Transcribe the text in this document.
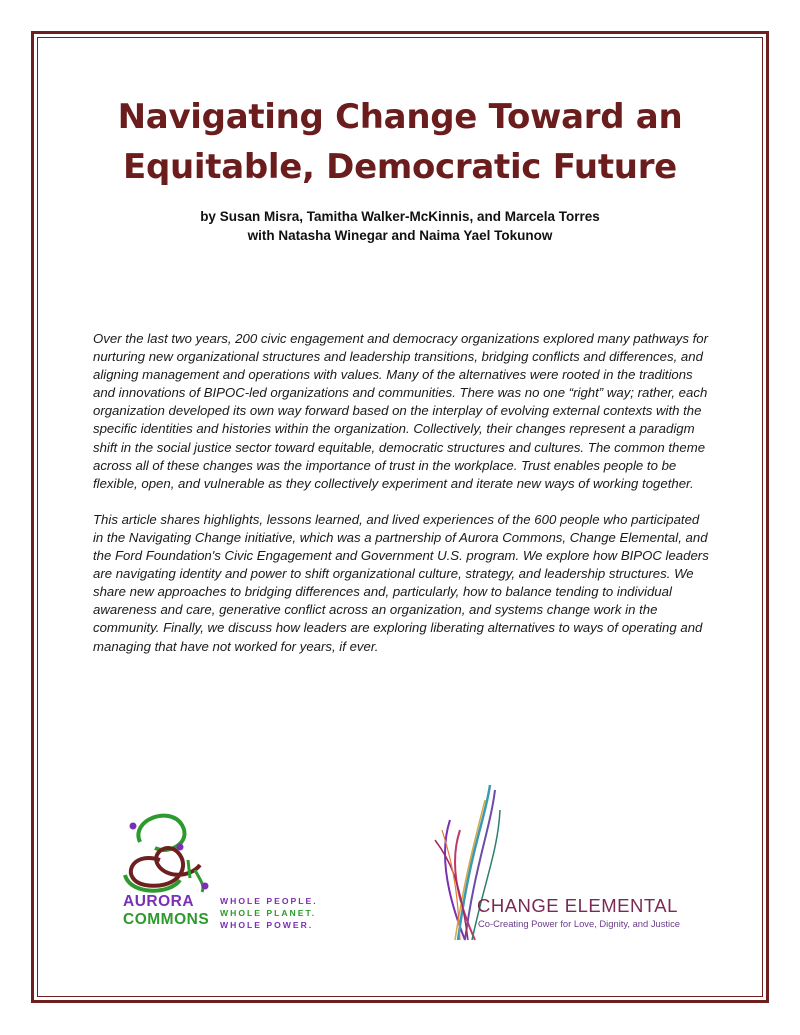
Navigating Change Toward an
Equitable, Democratic Future
by Susan Misra, Tamitha Walker-McKinnis, and Marcela Torres
with Natasha Winegar and Naima Yael Tokunow

Over the last two years, 200 civic engagement and democracy organizations explored many pathways for nurturing new organizational structures and leadership transitions, bridging conflicts and differences, and aligning management and operations with values. Many of the alternatives were rooted in the traditions and innovations of BIPOC-led organizations and communities. There was no one “right” way; rather, each organization developed its own way forward based on the interplay of evolving external contexts with the specific identities and histories within the organization. Collectively, their changes represent a paradigm shift in the social justice sector toward equitable, democratic structures and cultures. The common theme across all of these changes was the importance of trust in the workplace. Trust enables people to be flexible, open, and vulnerable as they collectively experiment and iterate new ways of working together.

This article shares highlights, lessons learned, and lived experiences of the 600 people who participated in the Navigating Change initiative, which was a partnership of Aurora Commons, Change Elemental, and the Ford Foundation's Civic Engagement and Government U.S. program. We explore how BIPOC leaders are navigating identity and power to shift organizational culture, strategy, and leadership structures. We share new approaches to bridging differences and, particularly, how to balance tending to individual awareness and care, generative conflict across an organization, and systems change work in the community. Finally, we discuss how leaders are exploring liberating alternatives to ways of operating and managing that have not worked for years, if ever.

AURORA
COMMONS
WHOLE PEOPLE.
WHOLE PLANET.
WHOLE POWER.
CHANGE ELEMENTAL
Co-Creating Power for Love, Dignity, and Justice
